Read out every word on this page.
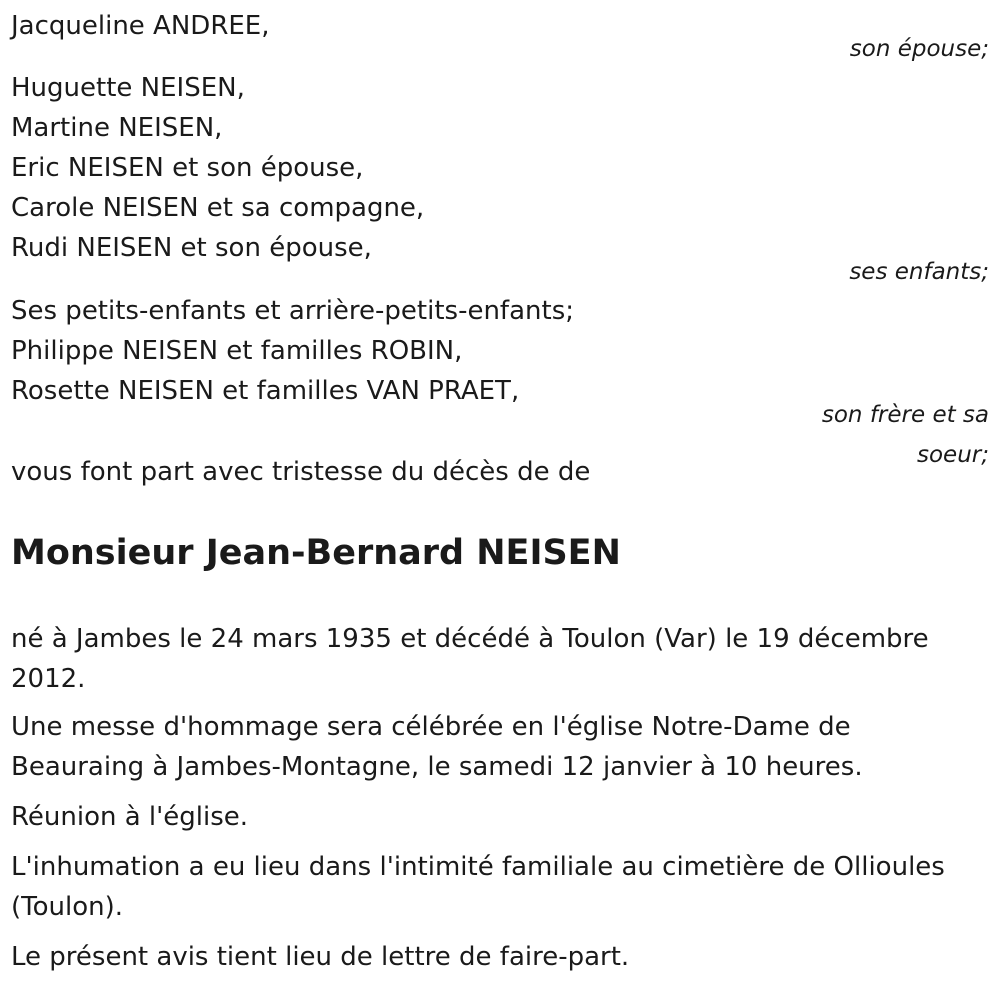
Jacqueline ANDREE,
son épouse;
Huguette NEISEN,
Martine NEISEN,
Eric NEISEN et son épouse,
Carole NEISEN et sa compagne,
Rudi NEISEN et son épouse,
ses enfants;
Ses petits-enfants et arrière-petits-enfants;
Philippe NEISEN et familles ROBIN,
Rosette NEISEN et familles VAN PRAET,
son frère et sa
soeur;
vous font part avec tristesse du décès de de
Monsieur Jean-Bernard NEISEN
né à Jambes le 24 mars 1935 et décédé à Toulon (Var) le 19 décembre 2012.
Une messe d'hommage sera célébrée en l'église Notre-Dame de Beauraing à Jambes-Montagne, le samedi 12 janvier à 10 heures.
Réunion à l'église.
L'inhumation a eu lieu dans l'intimité familiale au cimetière de Ollioules (Toulon).
Le présent avis tient lieu de lettre de faire-part.
